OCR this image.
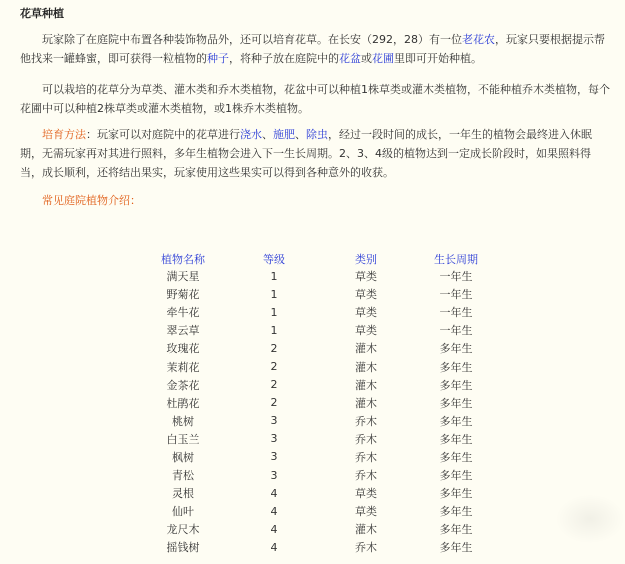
花草种植

玩家除了在庭院中布置各种装饰物品外，还可以培育花草。在长安（292，28）有一位老花农，玩家只要根据提示帮他找来一罐蜂蜜，即可获得一粒植物的种子，将种子放在庭院中的花盆或花圃里即可开始种植。

可以栽培的花草分为草类、灌木类和乔木类植物，花盆中可以种植1株草类或灌木类植物，不能种植乔木类植物，每个花圃中可以种植2株草类或灌木类植物，或1株乔木类植物。

培育方法：玩家可以对庭院中的花草进行浇水、施肥、除虫，经过一段时间的成长，一年生的植物会最终进入休眠期，无需玩家再对其进行照料，多年生植物会进入下一生长周期。2、3、4级的植物达到一定成长阶段时，如果照料得当，成长顺利，还将结出果实，玩家使用这些果实可以得到各种意外的收获。

常见庭院植物介绍：
植物名称	等级	类别	生长周期
满天星	1	草类	一年生
野菊花	1	草类	一年生
牵牛花	1	草类	一年生
翠云草	1	草类	一年生
玫瑰花	2	灌木	多年生
茉莉花	2	灌木	多年生
金茶花	2	灌木	多年生
杜鹃花	2	灌木	多年生
桃树	3	乔木	多年生
白玉兰	3	乔木	多年生
枫树	3	乔木	多年生
青松	3	乔木	多年生
灵根	4	草类	多年生
仙叶	4	草类	多年生
龙尺木	4	灌木	多年生
摇钱树	4	乔木	多年生
